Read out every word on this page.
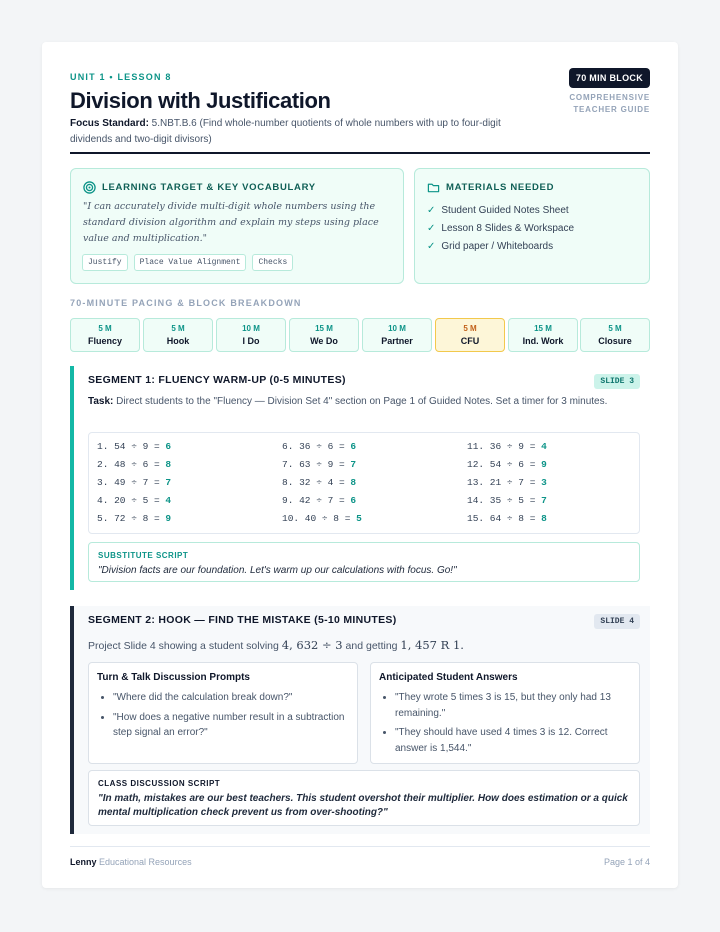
UNIT 1 • LESSON 8
Division with Justification
Focus Standard: 5.NBT.B.6 (Find whole-number quotients of whole numbers with up to four-digit dividends and two-digit divisors)
70 MIN BLOCK
COMPREHENSIVE
TEACHER GUIDE
LEARNING TARGET & KEY VOCABULARY
"I can accurately divide multi-digit whole numbers using the standard division algorithm and explain my steps using place value and multiplication."
Justify	Place Value Alignment	Checks
MATERIALS NEEDED
✓ Student Guided Notes Sheet
✓ Lesson 8 Slides & Workspace
✓ Grid paper / Whiteboards
70-MINUTE PACING & BLOCK BREAKDOWN
5 M
Fluency
5 M
Hook
10 M
I Do
15 M
We Do
10 M
Partner
5 M
CFU
15 M
Ind. Work
5 M
Closure
SEGMENT 1: FLUENCY WARM-UP (0-5 MINUTES)	SLIDE 3
Task: Direct students to the "Fluency — Division Set 4" section on Page 1 of Guided Notes. Set a timer for 3 minutes.
1. 54 ÷ 9 = 6
2. 48 ÷ 6 = 8
3. 49 ÷ 7 = 7
4. 20 ÷ 5 = 4
5. 72 ÷ 8 = 9
6. 36 ÷ 6 = 6
7. 63 ÷ 9 = 7
8. 32 ÷ 4 = 8
9. 42 ÷ 7 = 6
10. 40 ÷ 8 = 5
11. 36 ÷ 9 = 4
12. 54 ÷ 6 = 9
13. 21 ÷ 7 = 3
14. 35 ÷ 5 = 7
15. 64 ÷ 8 = 8
SUBSTITUTE SCRIPT
"Division facts are our foundation. Let's warm up our calculations with focus. Go!"
SEGMENT 2: HOOK — FIND THE MISTAKE (5-10 MINUTES)	SLIDE 4
Project Slide 4 showing a student solving 4, 632 ÷ 3 and getting 1, 457 R 1.
Turn & Talk Discussion Prompts
• "Where did the calculation break down?"
• "How does a negative number result in a subtraction step signal an error?"
Anticipated Student Answers
• "They wrote 5 times 3 is 15, but they only had 13 remaining."
• "They should have used 4 times 3 is 12. Correct answer is 1,544."
CLASS DISCUSSION SCRIPT
"In math, mistakes are our best teachers. This student overshot their multiplier. How does estimation or a quick mental multiplication check prevent us from over-shooting?"
Lenny Educational Resources	Page 1 of 4
